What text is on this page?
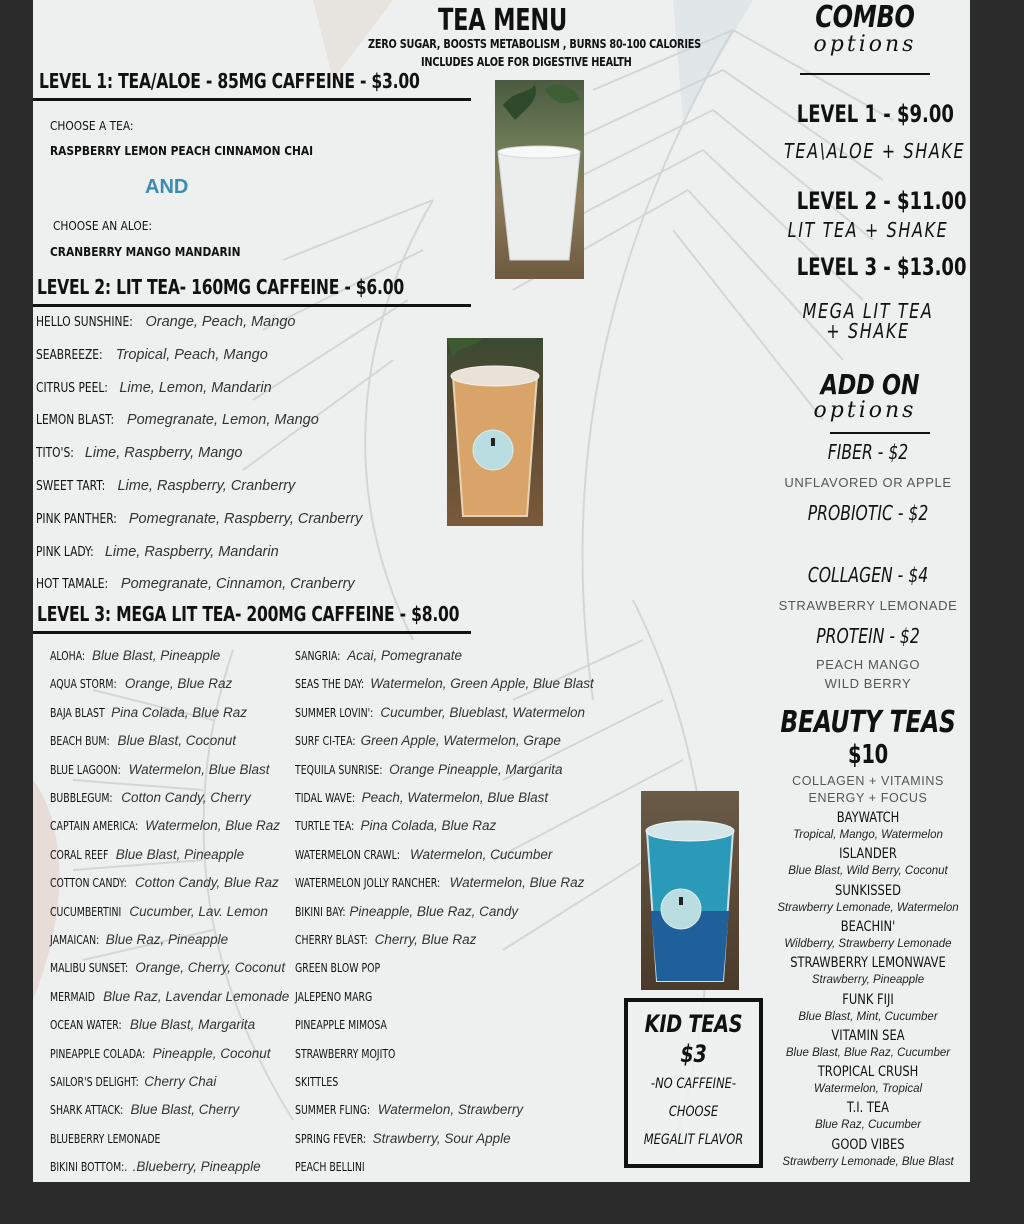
TEA MENU
ZERO SUGAR, BOOSTS METABOLISM , BURNS 80-100 CALORIES
INCLUDES ALOE FOR DIGESTIVE HEALTH
LEVEL 1: TEA/ALOE - 85MG CAFFEINE - $3.00
CHOOSE A TEA:
RASPBERRY LEMON PEACH CINNAMON CHAI
AND
CHOOSE AN ALOE:
CRANBERRY MANGO MANDARIN
LEVEL 2: LIT TEA- 160MG CAFFEINE - $6.00
HELLO SUNSHINE: Orange, Peach, Mango
SEABREEZE: Tropical, Peach, Mango
CITRUS PEEL: Lime, Lemon, Mandarin
LEMON BLAST: Pomegranate, Lemon, Mango
TITO'S: Lime, Raspberry, Mango
SWEET TART: Lime, Raspberry, Cranberry
PINK PANTHER: Pomegranate, Raspberry, Cranberry
PINK LADY: Lime, Raspberry, Mandarin
HOT TAMALE: Pomegranate, Cinnamon, Cranberry
LEVEL 3: MEGA LIT TEA- 200MG CAFFEINE - $8.00
ALOHA: Blue Blast, Pineapple
AQUA STORM: Orange, Blue Raz
BAJA BLAST Pina Colada, Blue Raz
BEACH BUM: Blue Blast, Coconut
BLUE LAGOON: Watermelon, Blue Blast
BUBBLEGUM: Cotton Candy, Cherry
CAPTAIN AMERICA: Watermelon, Blue Raz
CORAL REEF Blue Blast, Pineapple
COTTON CANDY: Cotton Candy, Blue Raz
CUCUMBERTINI Cucumber, Lav. Lemon
JAMAICAN: Blue Raz, Pineapple
MALIBU SUNSET: Orange, Cherry, Coconut
MERMAID Blue Raz, Lavendar Lemonade
OCEAN WATER: Blue Blast, Margarita
PINEAPPLE COLADA: Pineapple, Coconut
SAILOR'S DELIGHT: Cherry Chai
SHARK ATTACK: Blue Blast, Cherry
BLUEBERRY LEMONADE
BIKINI BOTTOM:. .Blueberry, Pineapple
SANGRIA: Acai, Pomegranate
SEAS THE DAY: Watermelon, Green Apple, Blue Blast
SUMMER LOVIN': Cucumber, Blueblast, Watermelon
SURF CI-TEA: Green Apple, Watermelon, Grape
TEQUILA SUNRISE: Orange Pineapple, Margarita
TIDAL WAVE: Peach, Watermelon, Blue Blast
TURTLE TEA: Pina Colada, Blue Raz
WATERMELON CRAWL: Watermelon, Cucumber
WATERMELON JOLLY RANCHER: Watermelon, Blue Raz
BIKINI BAY: Pineapple, Blue Raz, Candy
CHERRY BLAST: Cherry, Blue Raz
GREEN BLOW POP
JALEPENO MARG
PINEAPPLE MIMOSA
STRAWBERRY MOJITO
SKITTLES
SUMMER FLING: Watermelon, Strawberry
SPRING FEVER: Strawberry, Sour Apple
PEACH BELLINI
KID TEAS
$3
-NO CAFFEINE-
CHOOSE
MEGALIT FLAVOR
COMBO
options
LEVEL 1 - $9.00
TEA\ALOE + SHAKE
LEVEL 2 - $11.00
LIT TEA + SHAKE
LEVEL 3 - $13.00
MEGA LIT TEA
+ SHAKE
ADD ON
options
FIBER - $2
UNFLAVORED OR APPLE
PROBIOTIC - $2
COLLAGEN - $4
STRAWBERRY LEMONADE
PROTEIN - $2
PEACH MANGO
WILD BERRY
BEAUTY TEAS
$10
COLLAGEN + VITAMINS
ENERGY + FOCUS
BAYWATCH
Tropical, Mango, Watermelon
ISLANDER
Blue Blast, Wild Berry, Coconut
SUNKISSED
Strawberry Lemonade, Watermelon
BEACHIN'
Wildberry, Strawberry Lemonade
STRAWBERRY LEMONWAVE
Strawberry, Pineapple
FUNK FIJI
Blue Blast, Mint, Cucumber
VITAMIN SEA
Blue Blast, Blue Raz, Cucumber
TROPICAL CRUSH
Watermelon, Tropical
T.I. TEA
Blue Raz, Cucumber
GOOD VIBES
Strawberry Lemonade, Blue Blast
